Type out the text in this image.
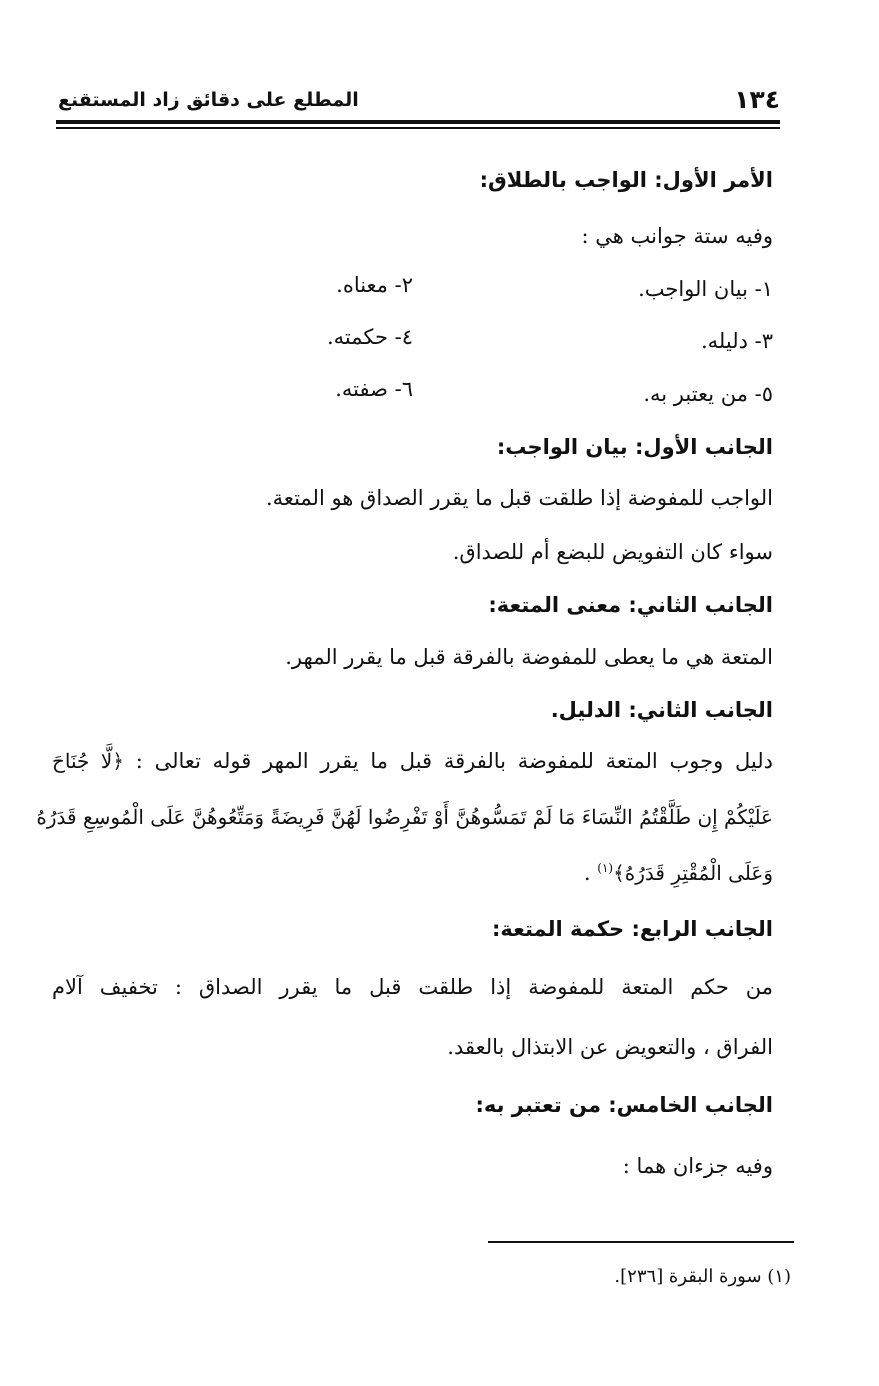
١٣٤
المطلع على دقائق زاد المستقنع
الأمر الأول: الواجب بالطلاق:
وفيه ستة جوانب هي :
١- بيان الواجب.
٢- معناه.
٣- دليله.
٤- حكمته.
٥- من يعتبر به.
٦- صفته.
الجانب الأول: بيان الواجب:
الواجب للمفوضة إذا طلقت قبل ما يقرر الصداق هو المتعة.
سواء كان التفويض للبضع أم للصداق.
الجانب الثاني: معنى المتعة:
المتعة هي ما يعطى للمفوضة بالفرقة قبل ما يقرر المهر.
الجانب الثاني: الدليل.
دليل وجوب المتعة للمفوضة بالفرقة قبل ما يقرر المهر قوله تعالى : ﴿لَّا جُنَاحَ
عَلَيْكُمْ إِن طَلَّقْتُمُ النِّسَاءَ مَا لَمْ تَمَسُّوهُنَّ أَوْ تَفْرِضُوا لَهُنَّ فَرِيضَةً وَمَتِّعُوهُنَّ عَلَى الْمُوسِعِ قَدَرُهُ
وَعَلَى الْمُقْتِرِ قَدَرُهُ﴾$^{(١)}$ .
الجانب الرابع: حكمة المتعة:
من حكم المتعة للمفوضة إذا طلقت قبل ما يقرر الصداق : تخفيف آلام
الفراق ، والتعويض عن الابتذال بالعقد.
الجانب الخامس: من تعتبر به:
وفيه جزءان هما :
(١) سورة البقرة [٢٣٦].
